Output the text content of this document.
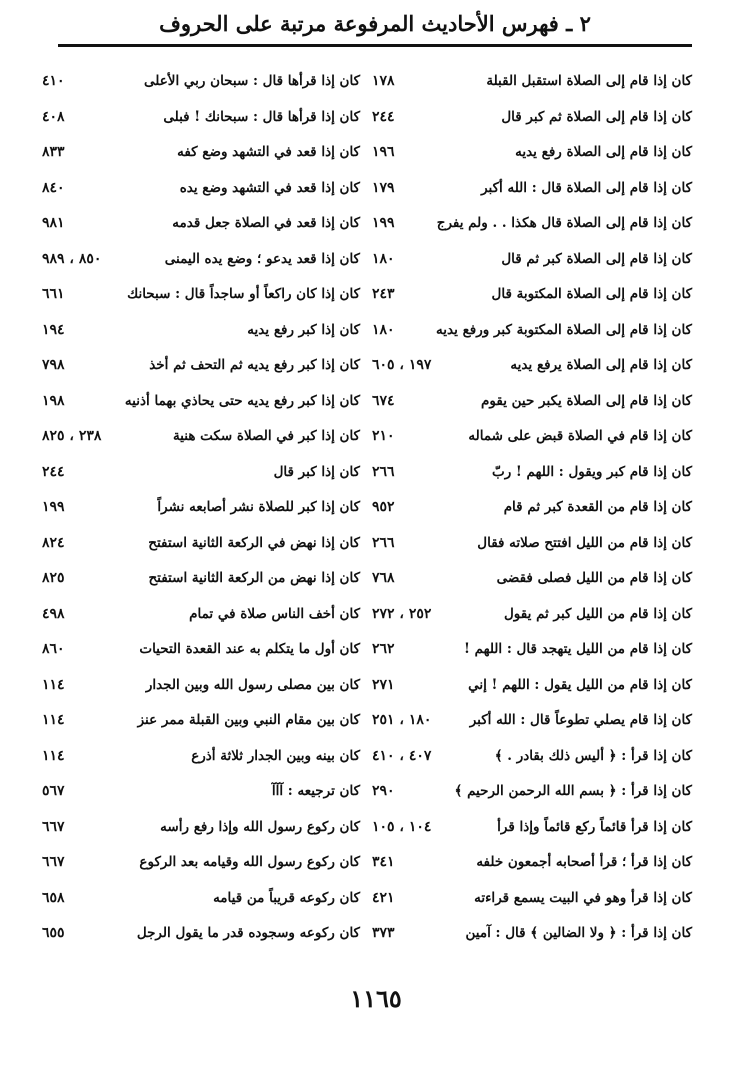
٢ ـ فهرس الأحاديث المرفوعة مرتبة على الحروف
كان إذا قام إلى الصلاة استقبل القبلة
١٧٨
كان إذا قام إلى الصلاة ثم كبر قال
٢٤٤
كان إذا قام إلى الصلاة رفع يديه
١٩٦
كان إذا قام إلى الصلاة قال : الله أكبر
١٧٩
كان إذا قام إلى الصلاة قال هكذا . . ولم يفرج
١٩٩
كان إذا قام إلى الصلاة كبر ثم قال
١٨٠
كان إذا قام إلى الصلاة المكتوبة قال
٢٤٣
كان إذا قام إلى الصلاة المكتوبة كبر ورفع يديه
١٨٠
كان إذا قام إلى الصلاة يرفع يديه
١٩٧ ، ٦٠٥
كان إذا قام إلى الصلاة يكبر حين يقوم
٦٧٤
كان إذا قام في الصلاة قبض على شماله
٢١٠
كان إذا قام كبر ويقول : اللهم ! ربّ
٢٦٦
كان إذا قام من القعدة كبر ثم قام
٩٥٢
كان إذا قام من الليل افتتح صلاته فقال
٢٦٦
كان إذا قام من الليل فصلى فقضى
٧٦٨
كان إذا قام من الليل كبر ثم يقول
٢٥٢ ، ٢٧٢
كان إذا قام من الليل يتهجد قال : اللهم !
٢٦٢
كان إذا قام من الليل يقول : اللهم ! إني
٢٧١
كان إذا قام يصلي تطوعاً قال : الله أكبر
١٨٠ ، ٢٥١
كان إذا قرأ : ﴿ أليس ذلك بقادر . ﴾
٤٠٧ ، ٤١٠
كان إذا قرأ : ﴿ بسم الله الرحمن الرحيم ﴾
٢٩٠
كان إذا قرأ قائماً ركع قائماً وإذا قرأ
١٠٤ ، ١٠٥
كان إذا قرأ ؛ قرأ أصحابه أجمعون خلفه
٣٤١
كان إذا قرأ وهو في البيت يسمع قراءته
٤٢١
كان إذا قرأ : ﴿ ولا الضالين ﴾ قال : آمين
٣٧٣
كان إذا قرأها قال : سبحان ربي الأعلى
٤١٠
كان إذا قرأها قال : سبحانك ! فبلى
٤٠٨
كان إذا قعد في التشهد وضع كفه
٨٣٣
كان إذا قعد في التشهد وضع يده
٨٤٠
كان إذا قعد في الصلاة جعل قدمه
٩٨١
كان إذا قعد يدعو ؛ وضع يده اليمنى
٨٥٠ ، ٩٨٩
كان إذا كان راكعاً أو ساجداً قال : سبحانك
٦٦١
كان إذا كبر رفع يديه
١٩٤
كان إذا كبر رفع يديه ثم التحف ثم أخذ
٧٩٨
كان إذا كبر رفع يديه حتى يحاذي بهما أذنيه
١٩٨
كان إذا كبر في الصلاة سكت هنية
٢٣٨ ، ٨٢٥
كان إذا كبر قال
٢٤٤
كان إذا كبر للصلاة نشر أصابعه نشراً
١٩٩
كان إذا نهض في الركعة الثانية استفتح
٨٢٤
كان إذا نهض من الركعة الثانية استفتح
٨٢٥
كان أخف الناس صلاة في تمام
٤٩٨
كان أول ما يتكلم به عند القعدة التحيات
٨٦٠
كان بين مصلى رسول الله وبين الجدار
١١٤
كان بين مقام النبي وبين القبلة ممر عنز
١١٤
كان بينه وبين الجدار ثلاثة أذرع
١١٤
كان ترجيعه : آآآ
٥٦٧
كان ركوع رسول الله وإذا رفع رأسه
٦٦٧
كان ركوع رسول الله وقيامه بعد الركوع
٦٦٧
كان ركوعه قريباً من قيامه
٦٥٨
كان ركوعه وسجوده قدر ما يقول الرجل
٦٥٥
١١٦٥
